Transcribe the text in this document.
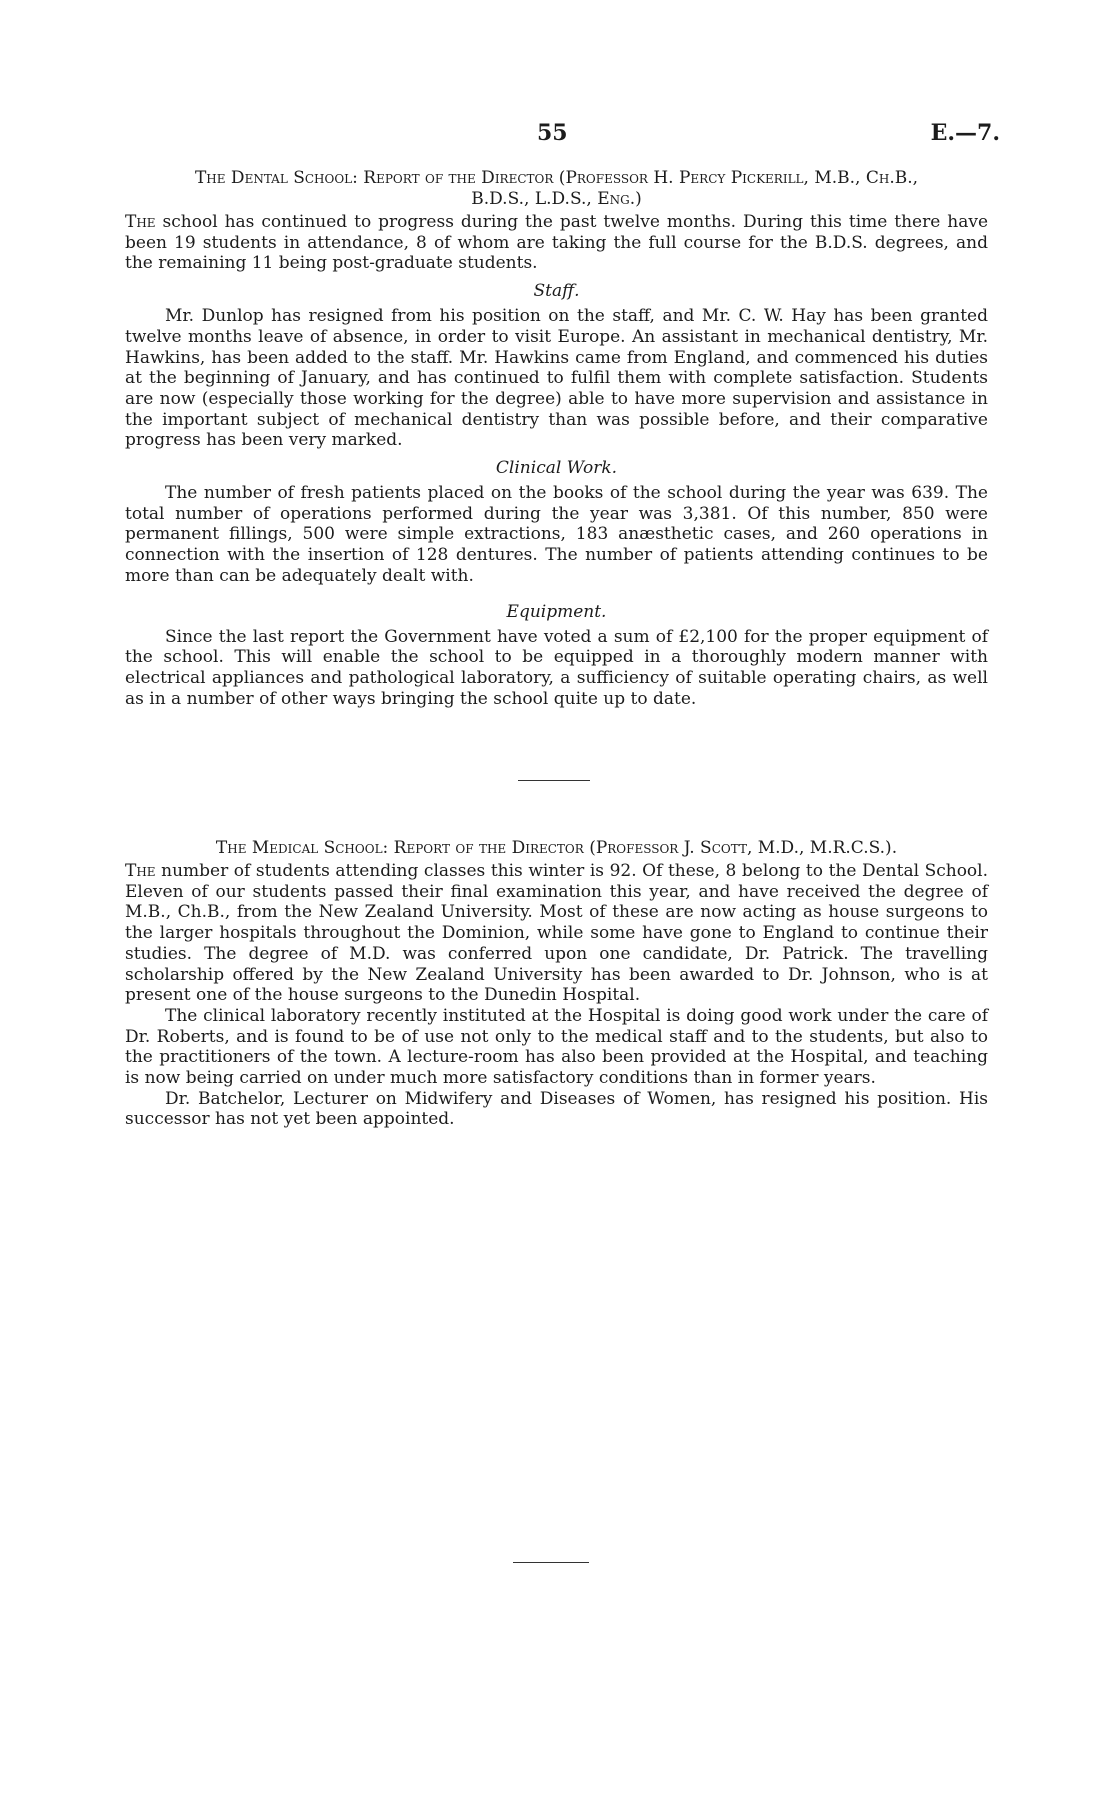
55	E.—7.

The Dental School: Report of the Director (Professor H. Percy Pickerill, M.B., Ch.B., B.D.S., L.D.S., Eng.)

The school has continued to progress during the past twelve months. During this time there have been 19 students in attendance, 8 of whom are taking the full course for the B.D.S. degrees, and the remaining 11 being post-graduate students.

Staff.

Mr. Dunlop has resigned from his position on the staff, and Mr. C. W. Hay has been granted twelve months leave of absence, in order to visit Europe. An assistant in mechanical dentistry, Mr. Hawkins, has been added to the staff. Mr. Hawkins came from England, and commenced his duties at the beginning of January, and has continued to fulfil them with complete satisfaction. Students are now (especially those working for the degree) able to have more supervision and assistance in the important subject of mechanical dentistry than was possible before, and their comparative progress has been very marked.

Clinical Work.

The number of fresh patients placed on the books of the school during the year was 639. The total number of operations performed during the year was 3,381. Of this number, 850 were permanent fillings, 500 were simple extractions, 183 anæsthetic cases, and 260 operations in connection with the insertion of 128 dentures. The number of patients attending continues to be more than can be adequately dealt with.

Equipment.

Since the last report the Government have voted a sum of £2,100 for the proper equipment of the school. This will enable the school to be equipped in a thoroughly modern manner with electrical appliances and pathological laboratory, a sufficiency of suitable operating chairs, as well as in a number of other ways bringing the school quite up to date.

The Medical School: Report of the Director (Professor J. Scott, M.D., M.R.C.S.).

The number of students attending classes this winter is 92. Of these, 8 belong to the Dental School. Eleven of our students passed their final examination this year, and have received the degree of M.B., Ch.B., from the New Zealand University. Most of these are now acting as house surgeons to the larger hospitals throughout the Dominion, while some have gone to England to continue their studies. The degree of M.D. was conferred upon one candidate, Dr. Patrick. The travelling scholarship offered by the New Zealand University has been awarded to Dr. Johnson, who is at present one of the house surgeons to the Dunedin Hospital.

The clinical laboratory recently instituted at the Hospital is doing good work under the care of Dr. Roberts, and is found to be of use not only to the medical staff and to the students, but also to the practitioners of the town. A lecture-room has also been provided at the Hospital, and teaching is now being carried on under much more satisfactory conditions than in former years.

Dr. Batchelor, Lecturer on Midwifery and Diseases of Women, has resigned his position. His successor has not yet been appointed.
